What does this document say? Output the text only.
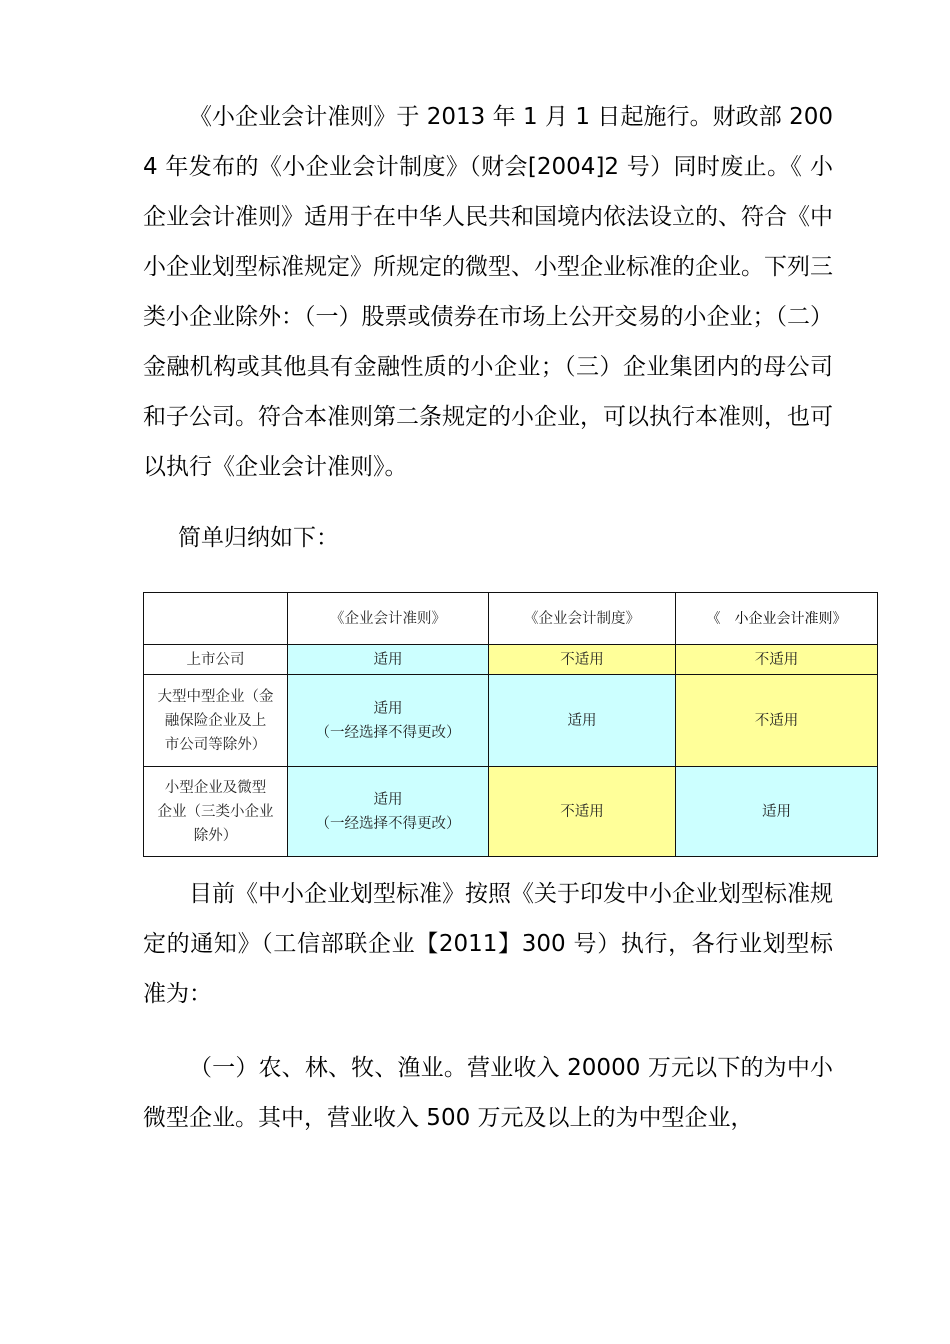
《小企业会计准则》于 2013 年 1 月 1 日起施行。财政部 2004 年发布的《小企业会计制度》（财会[2004]2 号）同时废止。《 小企业会计准则》适用于在中华人民共和国境内依法设立的、符合《中小企业划型标准规定》所规定的微型、小型企业标准的企业。下列三类小企业除外：（一）股票或债券在市场上公开交易的小企业；（二）金融机构或其他具有金融性质的小企业；（三）企业集团内的母公司和子公司。符合本准则第二条规定的小企业，可以执行本准则，也可以执行《企业会计准则》。

简单归纳如下：

	《企业会计准则》	《企业会计制度》	《　小企业会计准则》

上市公司	适用	不适用	不适用

大型中型企业（金
融保险企业及上
市公司等除外）	适用
（一经选择不得更改）	适用	不适用

小型企业及微型
企业（三类小企业
除外）	适用
（一经选择不得更改）	不适用	适用

目前《中小企业划型标准》按照《关于印发中小企业划型标准规定的通知》（工信部联企业【2011】300 号）执行，各行业划型标准为：

（一）农、林、牧、渔业。营业收入 20000 万元以下的为中小微型企业。其中，营业收入 500 万元及以上的为中型企业，
